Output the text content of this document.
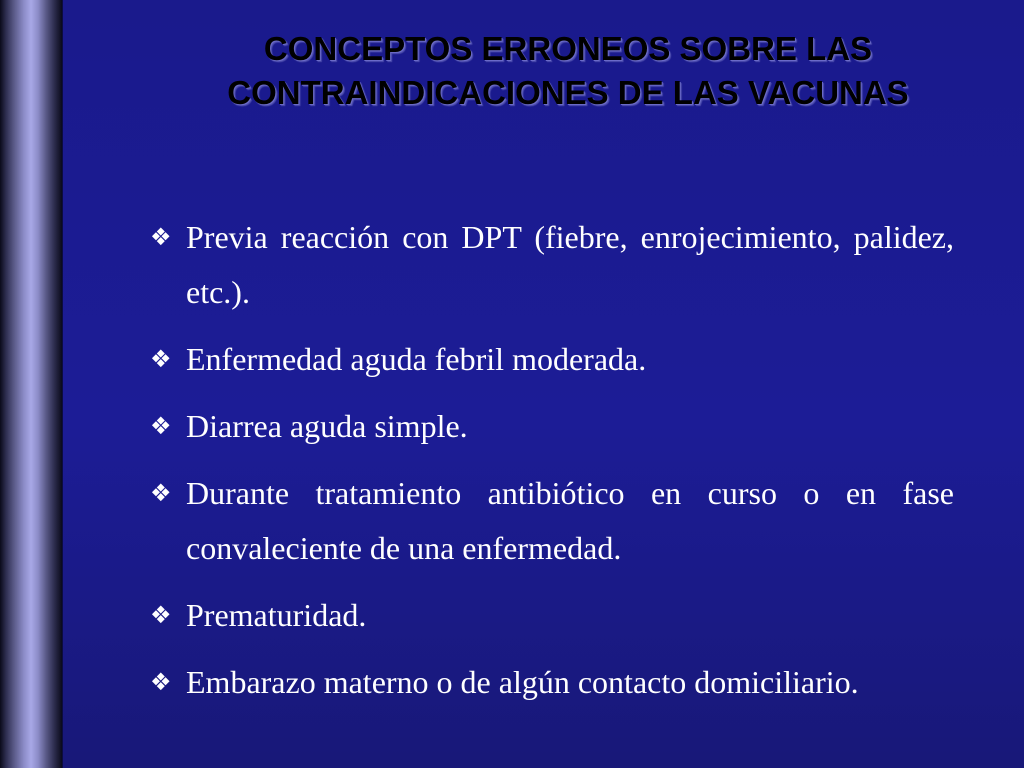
CONCEPTOS ERRONEOS SOBRE LAS CONTRAINDICACIONES DE LAS VACUNAS
❖ Previa reacción con DPT (fiebre, enrojecimiento, palidez, etc.).
❖ Enfermedad aguda febril moderada.
❖ Diarrea aguda simple.
❖ Durante tratamiento antibiótico en curso o en fase convaleciente de una enfermedad.
❖ Prematuridad.
❖ Embarazo materno o de algún contacto domiciliario.
